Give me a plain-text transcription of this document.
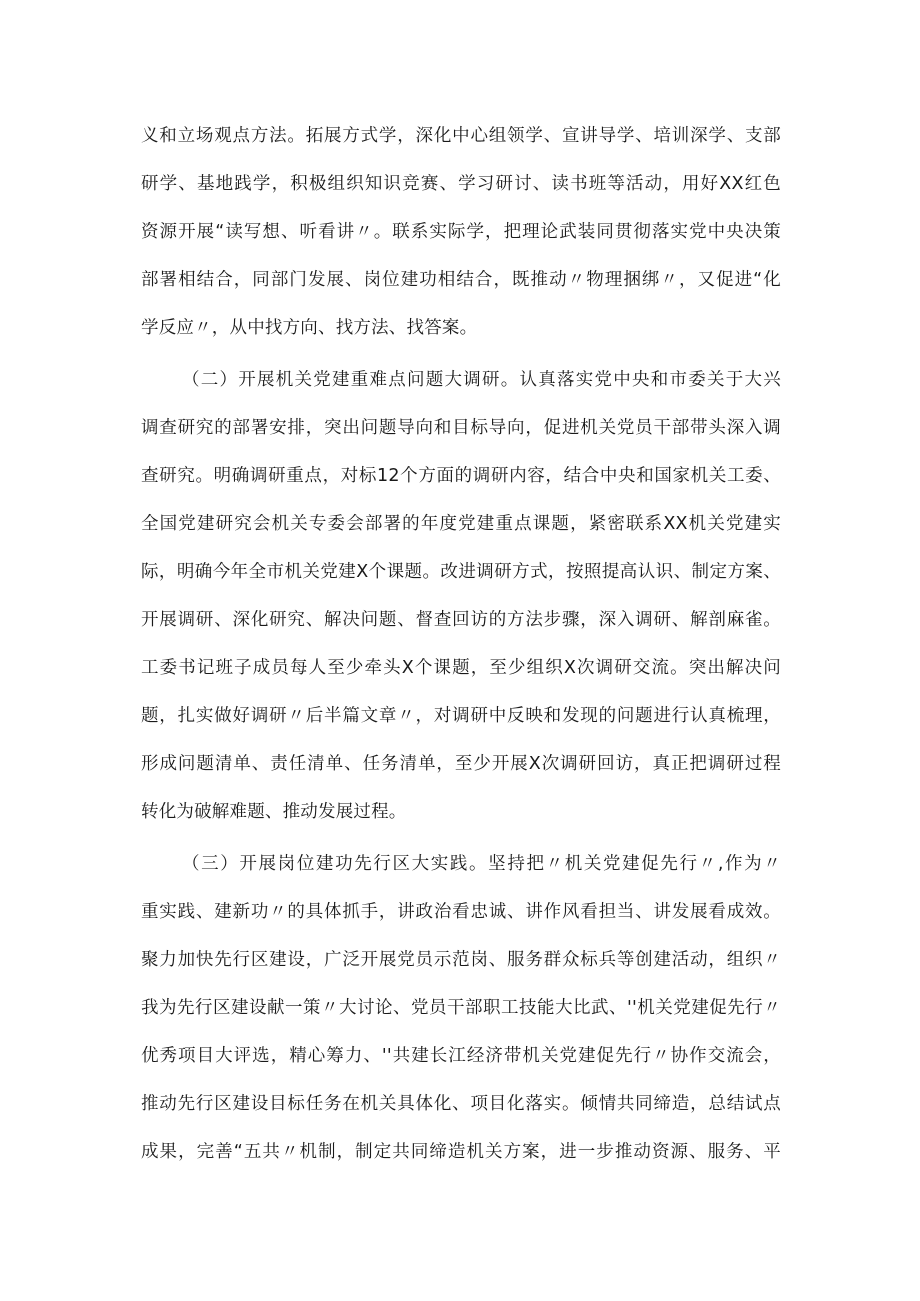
义和立场观点方法。拓展方式学，深化中心组领学、宣讲导学、培训深学、支部
研学、基地践学，积极组织知识竞赛、学习研讨、读书班等活动，用好XX红色
资源开展“读写想、听看讲〃。联系实际学，把理论武装同贯彻落实党中央决策
部署相结合，同部门发展、岗位建功相结合，既推动〃物理捆绑〃，又促进“化
学反应〃，从中找方向、找方法、找答案。
（二）开展机关党建重难点问题大调研。认真落实党中央和市委关于大兴
调查研究的部署安排，突出问题导向和目标导向，促进机关党员干部带头深入调
查研究。明确调研重点，对标12个方面的调研内容，结合中央和国家机关工委、
全国党建研究会机关专委会部署的年度党建重点课题，紧密联系XX机关党建实
际，明确今年全市机关党建X个课题。改进调研方式，按照提高认识、制定方案、
开展调研、深化研究、解决问题、督查回访的方法步骤，深入调研、解剖麻雀。
工委书记班子成员每人至少牵头X个课题，至少组织X次调研交流。突出解决问
题，扎实做好调研〃后半篇文章〃，对调研中反映和发现的问题进行认真梳理，
形成问题清单、责任清单、任务清单，至少开展X次调研回访，真正把调研过程
转化为破解难题、推动发展过程。
（三）开展岗位建功先行区大实践。坚持把〃机关党建促先行〃,作为〃
重实践、建新功〃的具体抓手，讲政治看忠诚、讲作风看担当、讲发展看成效。
聚力加快先行区建设，广泛开展党员示范岗、服务群众标兵等创建活动，组织〃
我为先行区建设献一策〃大讨论、党员干部职工技能大比武、''机关党建促先行〃
优秀项目大评选，精心筹力、''共建长江经济带机关党建促先行〃协作交流会，
推动先行区建设目标任务在机关具体化、项目化落实。倾情共同缔造，总结试点
成果，完善“五共〃机制，制定共同缔造机关方案，进一步推动资源、服务、平
